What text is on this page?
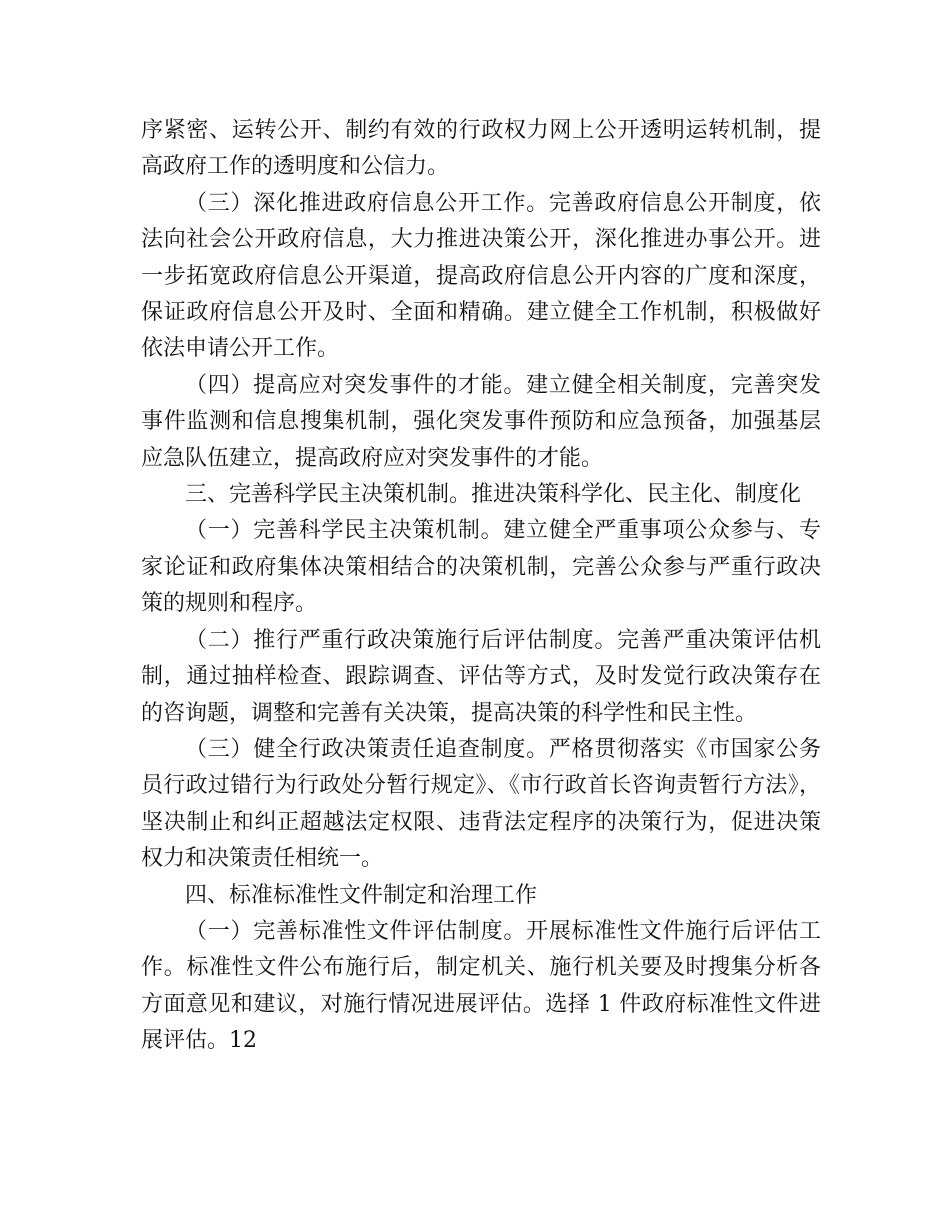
序紧密、运转公开、制约有效的行政权力网上公开透明运转机制，提高政府工作的透明度和公信力。

（三）深化推进政府信息公开工作。完善政府信息公开制度，依法向社会公开政府信息，大力推进决策公开，深化推进办事公开。进一步拓宽政府信息公开渠道，提高政府信息公开内容的广度和深度，保证政府信息公开及时、全面和精确。建立健全工作机制，积极做好依法申请公开工作。

（四）提高应对突发事件的才能。建立健全相关制度，完善突发事件监测和信息搜集机制，强化突发事件预防和应急预备，加强基层应急队伍建立，提高政府应对突发事件的才能。

三、完善科学民主决策机制。推进决策科学化、民主化、制度化

（一）完善科学民主决策机制。建立健全严重事项公众参与、专家论证和政府集体决策相结合的决策机制，完善公众参与严重行政决策的规则和程序。

（二）推行严重行政决策施行后评估制度。完善严重决策评估机制，通过抽样检查、跟踪调查、评估等方式，及时发觉行政决策存在的咨询题，调整和完善有关决策，提高决策的科学性和民主性。

（三）健全行政决策责任追查制度。严格贯彻落实《市国家公务员行政过错行为行政处分暂行规定》、《市行政首长咨询责暂行方法》，坚决制止和纠正超越法定权限、违背法定程序的决策行为，促进决策权力和决策责任相统一。

四、标准标准性文件制定和治理工作

（一）完善标准性文件评估制度。开展标准性文件施行后评估工作。标准性文件公布施行后，制定机关、施行机关要及时搜集分析各方面意见和建议，对施行情况进展评估。选择 1 件政府标准性文件进展评估。12
